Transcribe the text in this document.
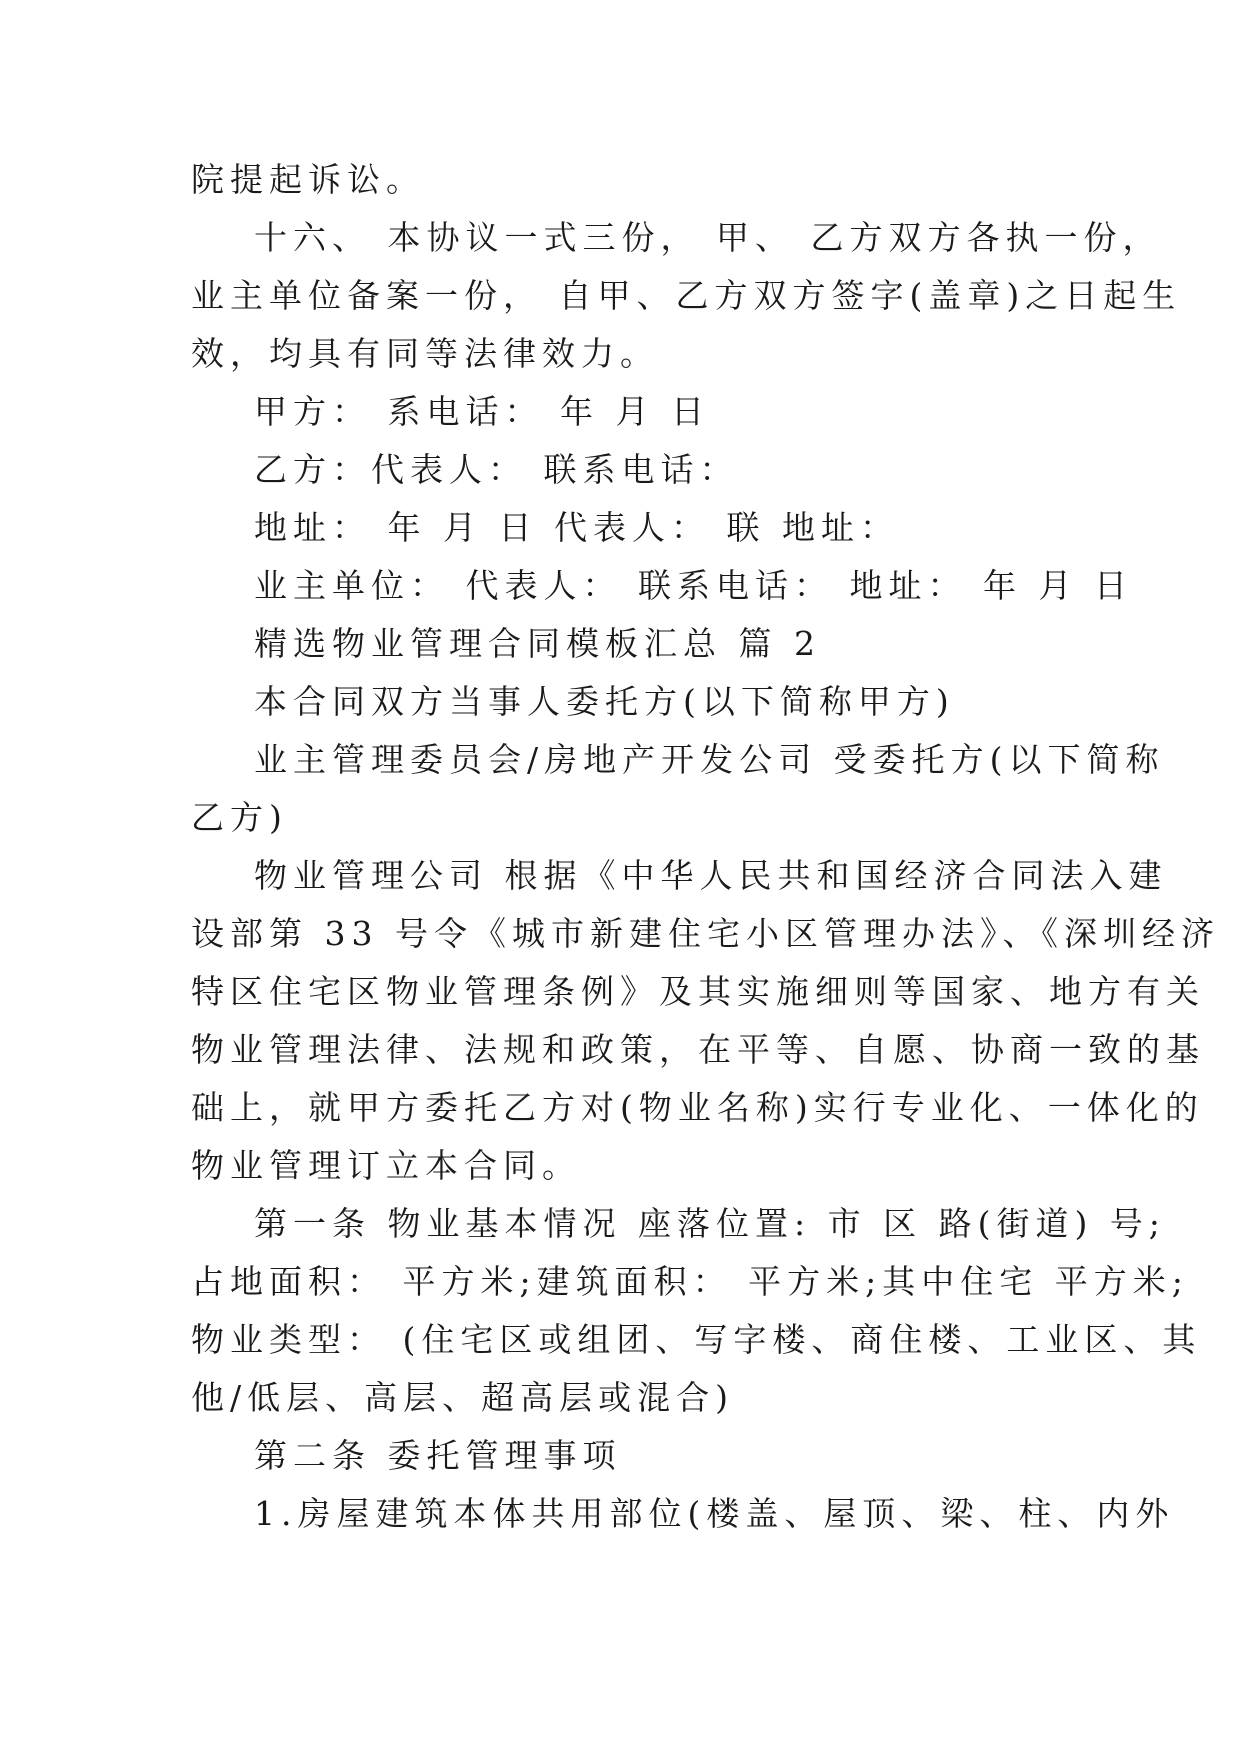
院提起诉讼。
十六、 本协议一式三份， 甲、 乙方双方各执一份，
业主单位备案一份， 自甲、乙方双方签字(盖章)之日起生
效，均具有同等法律效力。
甲方： 系电话： 年 月 日
乙方：代表人： 联系电话：
地址： 年 月 日 代表人： 联 地址：
业主单位： 代表人： 联系电话： 地址： 年 月 日
精选物业管理合同模板汇总 篇 2
本合同双方当事人委托方(以下简称甲方)
业主管理委员会/房地产开发公司 受委托方(以下简称
乙方)
物业管理公司 根据《中华人民共和国经济合同法入建
设部第 33 号令《城市新建住宅小区管理办法》、《深圳经济
特区住宅区物业管理条例》及其实施细则等国家、地方有关
物业管理法律、法规和政策，在平等、自愿、协商一致的基
础上，就甲方委托乙方对(物业名称)实行专业化、一体化的
物业管理订立本合同。
第一条 物业基本情况 座落位置: 市 区 路(街道) 号;
占地面积： 平方米;建筑面积： 平方米;其中住宅 平方米;
物业类型： (住宅区或组团、写字楼、商住楼、工业区、其
他/低层、高层、超高层或混合)
第二条 委托管理事项
1.房屋建筑本体共用部位(楼盖、屋顶、梁、柱、内外
